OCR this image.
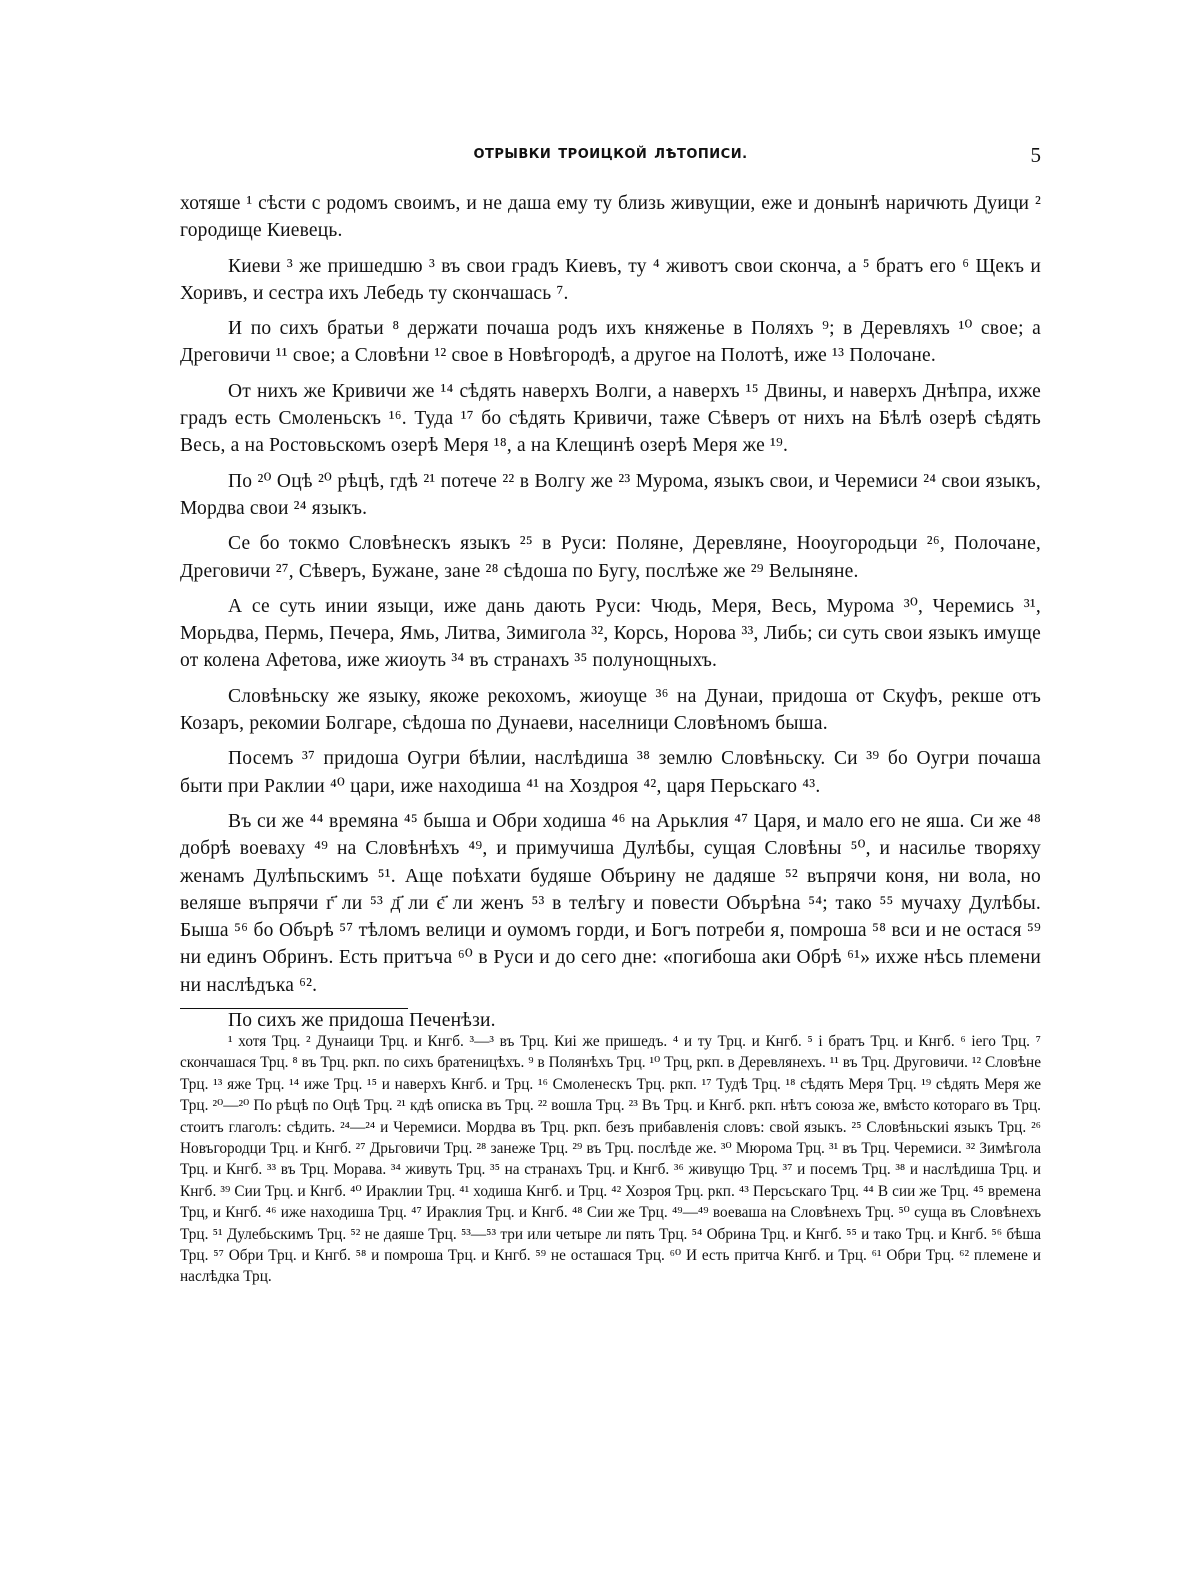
ОТРЫВКИ ТРОИЦКОЙ ЛѢТОПИСИ.	5

хотяше ¹ сѣсти с родомъ своимъ, и не даша ему ту близь живущии, еже и донынѣ наричють Дуици ² городище Киевець.

Киеви ³ же пришедшю ³ въ свои градъ Киевъ, ту ⁴ животъ свои сконча, а ⁵ братъ его ⁶ Щекъ и Хоривъ, и сестра ихъ Лебедь ту скончашась ⁷.

И по сихъ братьи ⁸ держати почаша родъ ихъ княженье в Поляхъ ⁹; в Деревляхъ ¹⁰ свое; а Дреговичи ¹¹ свое; а Словѣни ¹² свое в Новѣгородѣ, а другое на Полотѣ, иже ¹³ Полочане.

От нихъ же Кривичи же ¹⁴ сѣдять наверхъ Волги, а наверхъ ¹⁵ Двины, и наверхъ Днѣпра, ихже градъ есть Смоленьскъ ¹⁶. Туда ¹⁷ бо сѣдять Кривичи, таже Сѣверъ от нихъ на Бѣлѣ озерѣ сѣдять Весь, а на Ростовьскомъ озерѣ Меря ¹⁸, а на Клещинѣ озерѣ Меря же ¹⁹.

По ²⁰ Оцѣ ²⁰ рѣцѣ, гдѣ ²¹ потече ²² в Волгу же ²³ Мурома, языкъ свои, и Черемиси ²⁴ свои языкъ, Мордва свои ²⁴ языкъ.

Се бо токмо Словѣнескъ языкъ ²⁵ в Руси: Поляне, Деревляне, Нооугородьци ²⁶, Полочане, Дреговичи ²⁷, Сѣверъ, Бужане, зане ²⁸ сѣдоша по Бугу, послѣже же ²⁹ Велыняне.

А се суть инии языци, иже дань дають Руси: Чюдь, Меря, Весь, Мурома ³⁰, Черемись ³¹, Морьдва, Пермь, Печера, Ямь, Литва, Зимигола ³², Корсь, Норова ³³, Либь; си суть свои языкъ имуще от колена Афетова, иже жиоуть ³⁴ въ странахъ ³⁵ полунощныхъ.

Словѣньску же языку, якоже рекохомъ, жиоуще ³⁶ на Дунаи, придоша от Скуфъ, рекше отъ Козаръ, рекомии Болгаре, сѣдоша по Дунаеви, населници Словѣномъ быша.

Посемъ ³⁷ придоша Оугри бѣлии, наслѣдиша ³⁸ землю Словѣньску. Си ³⁹ бо Оугри почаша быти при Раклии ⁴⁰ цари, иже находиша ⁴¹ на Хоздроя ⁴², царя Перьскаго ⁴³.

Въ си же ⁴⁴ времяна ⁴⁵ быша и Обри ходиша ⁴⁶ на Арьклия ⁴⁷ Царя, и мало его не яша. Си же ⁴⁸ добрѣ воеваху ⁴⁹ на Словѣнѣхъ ⁴⁹, и примучиша Дулѣбы, сущая Словѣны ⁵⁰, и насилье творяху женамъ Дулѣпьскимъ ⁵¹. Аще поѣхати будяше Обърину не дадяше ⁵² въпрячи коня, ни вола, но веляше въпрячи г҃ ли ⁵³ д҃ ли є҃ ли женъ ⁵³ в телѣгу и повести Обърѣна ⁵⁴; тако ⁵⁵ мучаху Дулѣбы. Быша ⁵⁶ бо Обърѣ ⁵⁷ тѣломъ велици и оумомъ горди, и Богъ потреби я, помроша ⁵⁸ вси и не остася ⁵⁹ ни единъ Обринъ. Есть притъча ⁶⁰ в Руси и до сего дне: «погибоша аки Обрѣ ⁶¹» ихже нѣсь племени ни наслѣдъка ⁶².

По сихъ же придоша Печенѣзи.

¹ хотя Трц. ² Дунаици Трц. и Кнгб. ³—³ въ Трц. Киі же пришедъ. ⁴ и ту Трц. и Кнгб. ⁵ і братъ Трц. и Кнгб. ⁶ іего Трц. ⁷ скончашася Трц. ⁸ въ Трц. ркп. по сихъ братеницѣхъ. ⁹ в Полянѣхъ Трц. ¹⁰ Трц, ркп. в Деревлянехъ. ¹¹ въ Трц. Друговичи. ¹² Словѣне Трц. ¹³ яже Трц. ¹⁴ иже Трц. ¹⁵ и наверхъ Кнгб. и Трц. ¹⁶ Смоленескъ Трц. ркп. ¹⁷ Тудѣ Трц. ¹⁸ сѣдять Меря Трц. ¹⁹ сѣдять Меря же Трц. ²⁰—²⁰ По рѣцѣ по Оцѣ Трц. ²¹ кдѣ описка въ Трц. ²² вошла Трц. ²³ Въ Трц. и Кнгб. ркп. нѣтъ союза же, вмѣсто котораго въ Трц. стоитъ глаголъ: сѣдить. ²⁴—²⁴ и Черемиси. Мордва въ Трц. ркп. безъ прибавленія словъ: свой языкъ. ²⁵ Словѣньскиі языкъ Трц. ²⁶ Новъгородци Трц. и Кнгб. ²⁷ Дрьговичи Трц. ²⁸ занеже Трц. ²⁹ въ Трц. послѣде же. ³⁰ Мюрома Трц. ³¹ въ Трц. Черемиси. ³² Зимѣгола Трц. и Кнгб. ³³ въ Трц. Морава. ³⁴ живуть Трц. ³⁵ на странахъ Трц. и Кнгб. ³⁶ живущю Трц. ³⁷ и посемъ Трц. ³⁸ и наслѣдиша Трц. и Кнгб. ³⁹ Сии Трц. и Кнгб. ⁴⁰ Ираклии Трц. ⁴¹ ходиша Кнгб. и Трц. ⁴² Хозроя Трц. ркп. ⁴³ Персьскаго Трц. ⁴⁴ В сии же Трц. ⁴⁵ времена Трц, и Кнгб. ⁴⁶ иже находиша Трц. ⁴⁷ Ираклия Трц. и Кнгб. ⁴⁸ Сии же Трц. ⁴⁹—⁴⁹ воеваша на Словѣнехъ Трц. ⁵⁰ суща въ Словѣнехъ Трц. ⁵¹ Дулебьскимъ Трц. ⁵² не даяше Трц. ⁵³—⁵³ три или четыре ли пять Трц. ⁵⁴ Обрина Трц. и Кнгб. ⁵⁵ и тако Трц. и Кнгб. ⁵⁶ бѣша Трц. ⁵⁷ Обри Трц. и Кнгб. ⁵⁸ и помроша Трц. и Кнгб. ⁵⁹ не осташася Трц. ⁶⁰ И есть притча Кнгб. и Трц. ⁶¹ Обри Трц. ⁶² племене и наслѣдка Трц.
